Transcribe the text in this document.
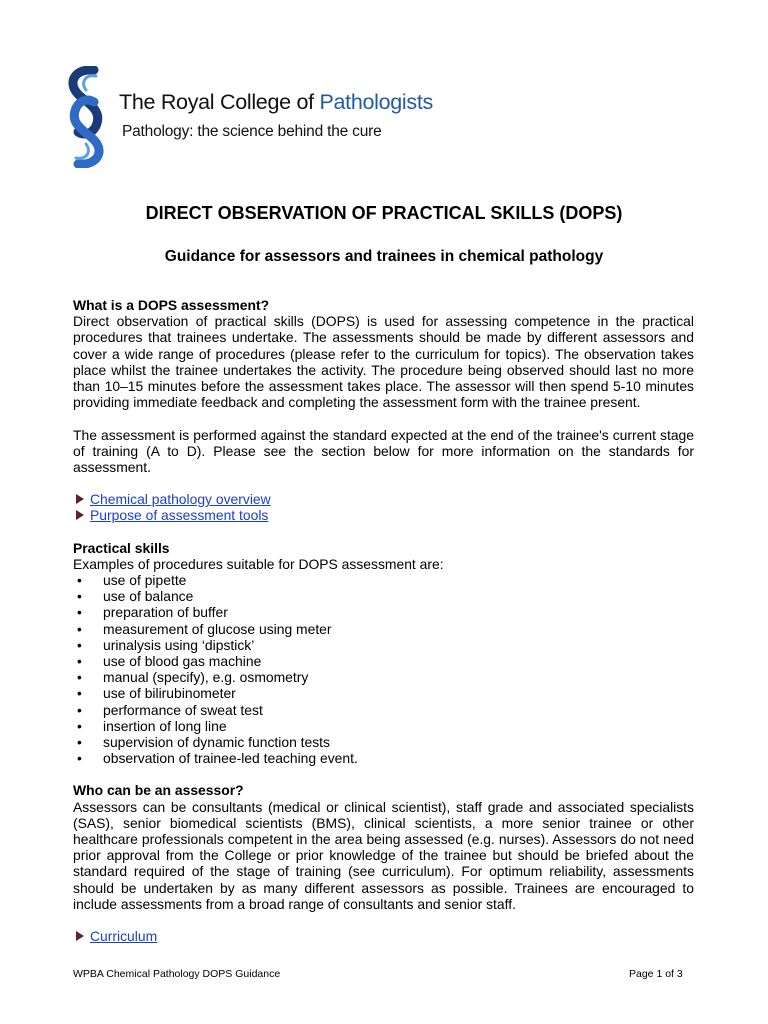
The Royal College of Pathologists
Pathology: the science behind the cure
DIRECT OBSERVATION OF PRACTICAL SKILLS (DOPS)
Guidance for assessors and trainees in chemical pathology
What is a DOPS assessment?
Direct observation of practical skills (DOPS) is used for assessing competence in the practical procedures that trainees undertake. The assessments should be made by different assessors and cover a wide range of procedures (please refer to the curriculum for topics). The observation takes place whilst the trainee undertakes the activity. The procedure being observed should last no more than 10–15 minutes before the assessment takes place. The assessor will then spend 5-10 minutes providing immediate feedback and completing the assessment form with the trainee present.
The assessment is performed against the standard expected at the end of the trainee's current stage of training (A to D). Please see the section below for more information on the standards for assessment.
Chemical pathology overview
Purpose of assessment tools
Practical skills
Examples of procedures suitable for DOPS assessment are:
• use of pipette
• use of balance
• preparation of buffer
• measurement of glucose using meter
• urinalysis using ‘dipstick’
• use of blood gas machine
• manual (specify), e.g. osmometry
• use of bilirubinometer
• performance of sweat test
• insertion of long line
• supervision of dynamic function tests
• observation of trainee-led teaching event.
Who can be an assessor?
Assessors can be consultants (medical or clinical scientist), staff grade and associated specialists (SAS), senior biomedical scientists (BMS), clinical scientists, a more senior trainee or other healthcare professionals competent in the area being assessed (e.g. nurses). Assessors do not need prior approval from the College or prior knowledge of the trainee but should be briefed about the standard required of the stage of training (see curriculum). For optimum reliability, assessments should be undertaken by as many different assessors as possible. Trainees are encouraged to include assessments from a broad range of consultants and senior staff.
Curriculum
WPBA Chemical Pathology DOPS Guidance	Page 1 of 3
